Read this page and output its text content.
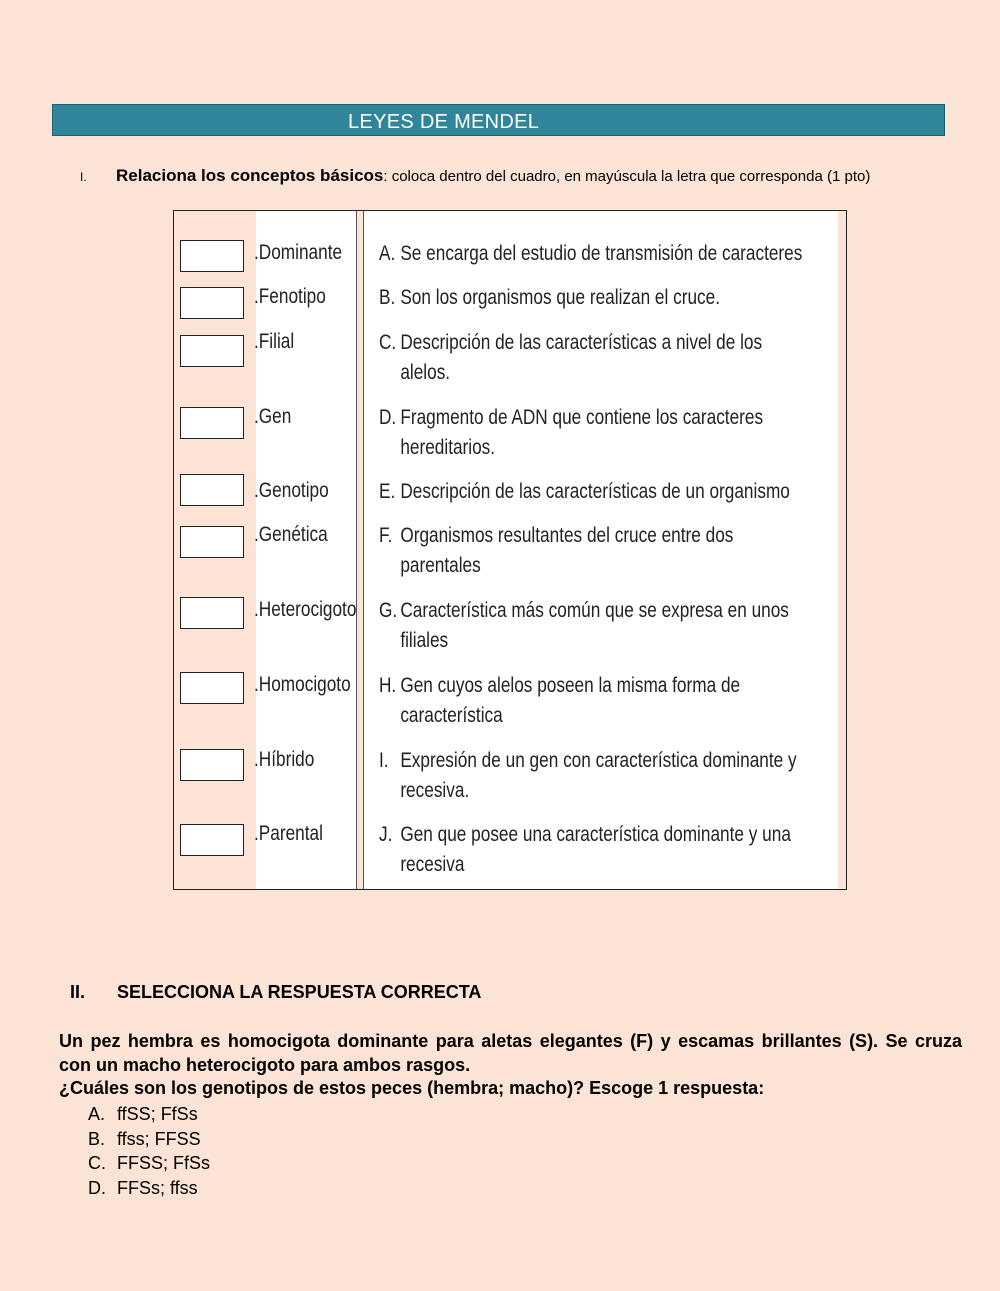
LEYES DE MENDEL
I. Relaciona los conceptos básicos: coloca dentro del cuadro, en mayúscula la letra que corresponda (1 pto)
.Dominante
.Fenotipo
.Filial
.Gen
.Genotipo
.Genética
.Heterocigoto
.Homocigoto
.Híbrido
.Parental
A. Se encarga del estudio de transmisión de caracteres
B. Son los organismos que realizan el cruce.
C. Descripción de las características a nivel de los
alelos.
D. Fragmento de ADN que contiene los caracteres
hereditarios.
E. Descripción de las características de un organismo
F. Organismos resultantes del cruce entre dos
parentales
G. Característica más común que se expresa en unos
filiales
H. Gen cuyos alelos poseen la misma forma de
característica
I. Expresión de un gen con característica dominante y
recesiva.
J. Gen que posee una característica dominante y una
recesiva
II. SELECCIONA LA RESPUESTA CORRECTA
Un pez hembra es homocigota dominante para aletas elegantes (F) y escamas brillantes (S). Se cruza con un macho heterocigoto para ambos rasgos.
¿Cuáles son los genotipos de estos peces (hembra; macho)? Escoge 1 respuesta:
A. ffSS; FfSs
B. ffss; FFSS
C. FFSS; FfSs
D. FFSs; ffss
